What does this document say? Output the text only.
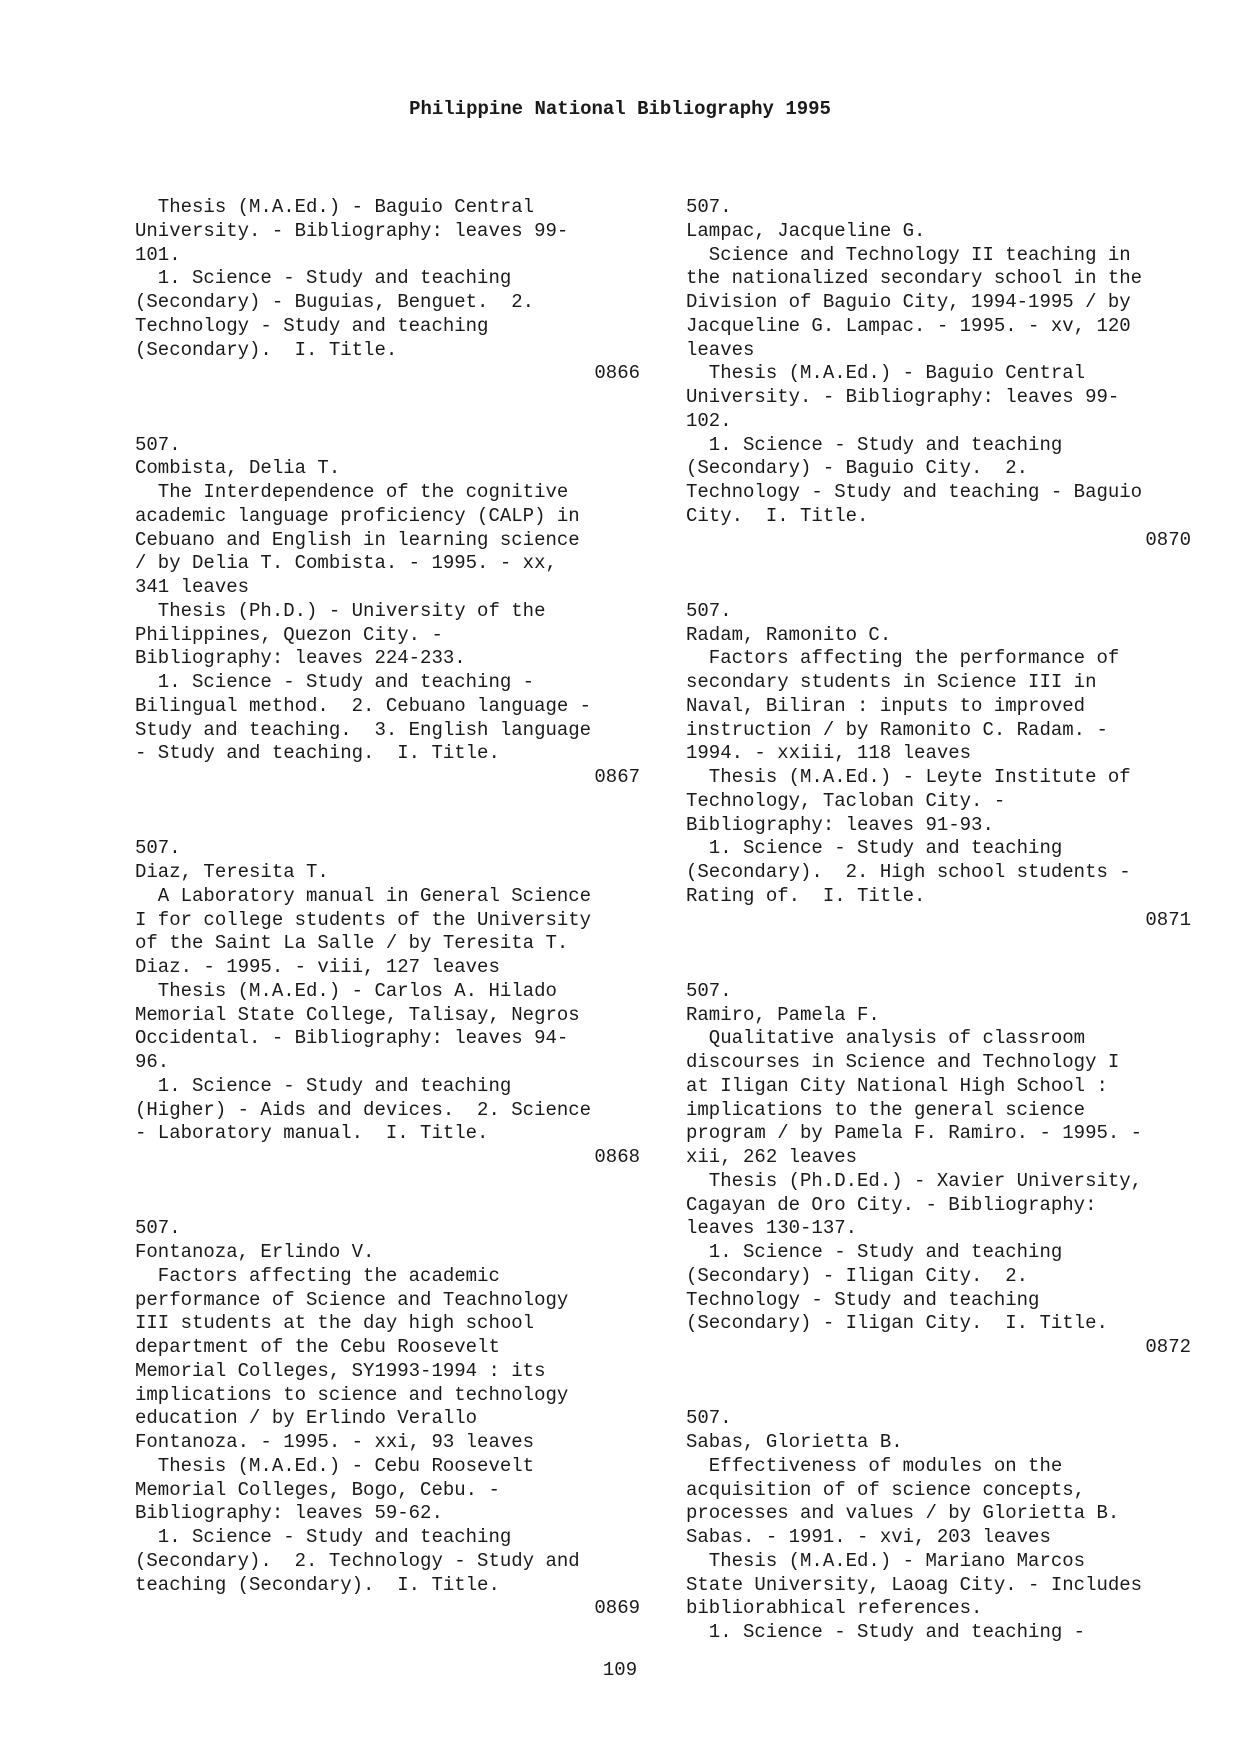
Philippine National Bibliography 1995
Thesis (M.A.Ed.) - Baguio Central
University. - Bibliography: leaves 99-
101.
1. Science - Study and teaching
(Secondary) - Buguias, Benguet.  2.
Technology - Study and teaching
(Secondary).  I. Title.
0866
507.
Combista, Delia T.
The Interdependence of the cognitive
academic language proficiency (CALP) in
Cebuano and English in learning science
/ by Delia T. Combista. - 1995. - xx,
341 leaves
Thesis (Ph.D.) - University of the
Philippines, Quezon City. -
Bibliography: leaves 224-233.
1. Science - Study and teaching -
Bilingual method.  2. Cebuano language -
Study and teaching.  3. English language
- Study and teaching.  I. Title.
0867
507.
Diaz, Teresita T.
A Laboratory manual in General Science
I for college students of the University
of the Saint La Salle / by Teresita T.
Diaz. - 1995. - viii, 127 leaves
Thesis (M.A.Ed.) - Carlos A. Hilado
Memorial State College, Talisay, Negros
Occidental. - Bibliography: leaves 94-
96.
1. Science - Study and teaching
(Higher) - Aids and devices.  2. Science
- Laboratory manual.  I. Title.
0868
507.
Fontanoza, Erlindo V.
Factors affecting the academic
performance of Science and Teachnology
III students at the day high school
department of the Cebu Roosevelt
Memorial Colleges, SY1993-1994 : its
implications to science and technology
education / by Erlindo Verallo
Fontanoza. - 1995. - xxi, 93 leaves
Thesis (M.A.Ed.) - Cebu Roosevelt
Memorial Colleges, Bogo, Cebu. -
Bibliography: leaves 59-62.
1. Science - Study and teaching
(Secondary).  2. Technology - Study and
teaching (Secondary).  I. Title.
0869
507.
Lampac, Jacqueline G.
Science and Technology II teaching in
the nationalized secondary school in the
Division of Baguio City, 1994-1995 / by
Jacqueline G. Lampac. - 1995. - xv, 120
leaves
Thesis (M.A.Ed.) - Baguio Central
University. - Bibliography: leaves 99-
102.
1. Science - Study and teaching
(Secondary) - Baguio City.  2.
Technology - Study and teaching - Baguio
City.  I. Title.
0870
507.
Radam, Ramonito C.
Factors affecting the performance of
secondary students in Science III in
Naval, Biliran : inputs to improved
instruction / by Ramonito C. Radam. -
1994. - xxiii, 118 leaves
Thesis (M.A.Ed.) - Leyte Institute of
Technology, Tacloban City. -
Bibliography: leaves 91-93.
1. Science - Study and teaching
(Secondary).  2. High school students -
Rating of.  I. Title.
0871
507.
Ramiro, Pamela F.
Qualitative analysis of classroom
discourses in Science and Technology I
at Iligan City National High School :
implications to the general science
program / by Pamela F. Ramiro. - 1995. -
xii, 262 leaves
Thesis (Ph.D.Ed.) - Xavier University,
Cagayan de Oro City. - Bibliography:
leaves 130-137.
1. Science - Study and teaching
(Secondary) - Iligan City.  2.
Technology - Study and teaching
(Secondary) - Iligan City.  I. Title.
0872
507.
Sabas, Glorietta B.
Effectiveness of modules on the
acquisition of of science concepts,
processes and values / by Glorietta B.
Sabas. - 1991. - xvi, 203 leaves
Thesis (M.A.Ed.) - Mariano Marcos
State University, Laoag City. - Includes
bibliorabhical references.
1. Science - Study and teaching -
109
